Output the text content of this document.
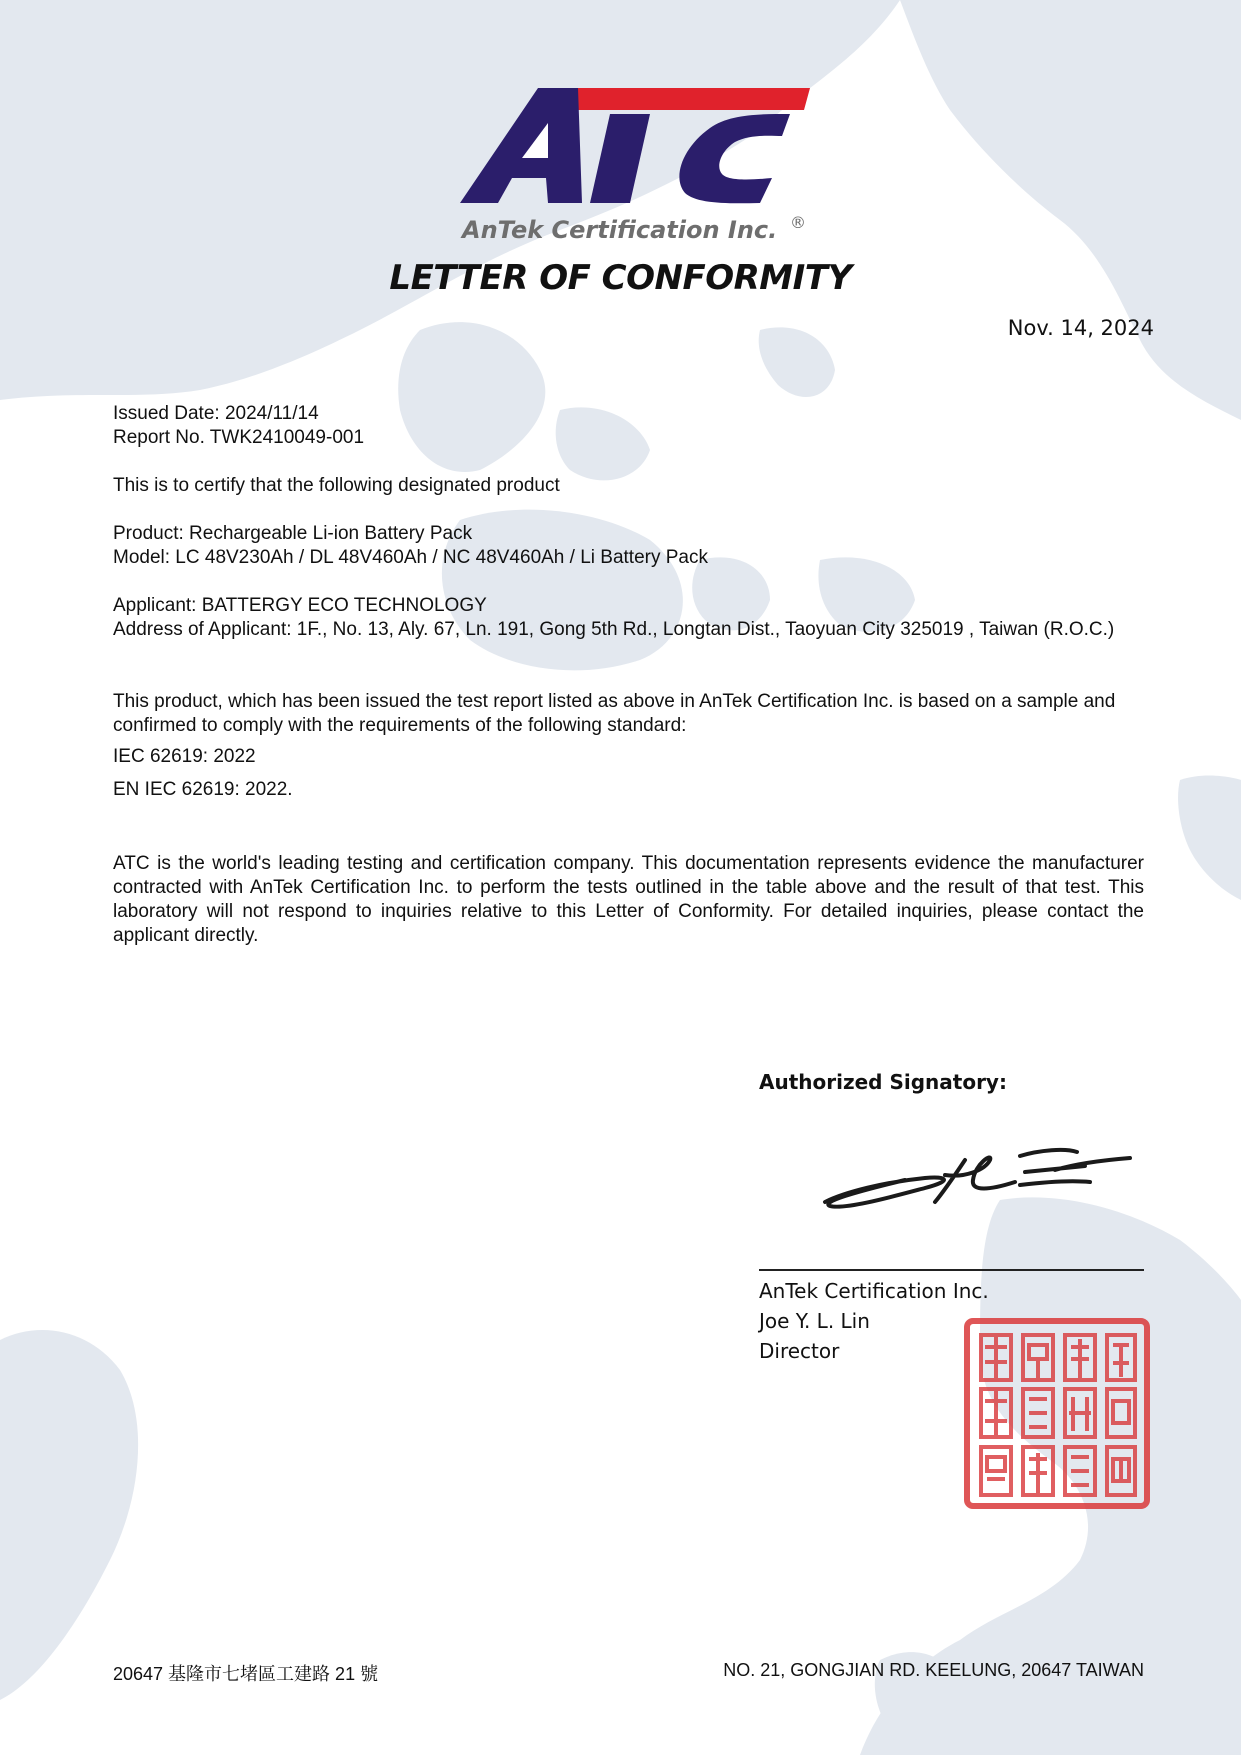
AnTek Certification Inc. ®
LETTER OF CONFORMITY
Nov. 14, 2024
Issued Date: 2024/11/14
Report No. TWK2410049-001
This is to certify that the following designated product
Product: Rechargeable Li-ion Battery Pack
Model: LC 48V230Ah / DL 48V460Ah / NC 48V460Ah / Li Battery Pack
Applicant: BATTERGY ECO TECHNOLOGY
Address of Applicant: 1F., No. 13, Aly. 67, Ln. 191, Gong 5th Rd., Longtan Dist., Taoyuan City 325019 , Taiwan (R.O.C.)
This product, which has been issued the test report listed as above in AnTek Certification Inc. is based on a sample and confirmed to comply with the requirements of the following standard:
IEC 62619: 2022
EN IEC 62619: 2022.
ATC is the world's leading testing and certification company. This documentation represents evidence the manufacturer contracted with AnTek Certification Inc. to perform the tests outlined in the table above and the result of that test. This laboratory will not respond to inquiries relative to this Letter of Conformity. For detailed inquiries, please contact the applicant directly.
Authorized Signatory:
AnTek Certification Inc.
Joe Y. L. Lin
Director
20647 基隆市七堵區工建路 21 號	NO. 21, GONGJIAN RD. KEELUNG, 20647 TAIWAN
